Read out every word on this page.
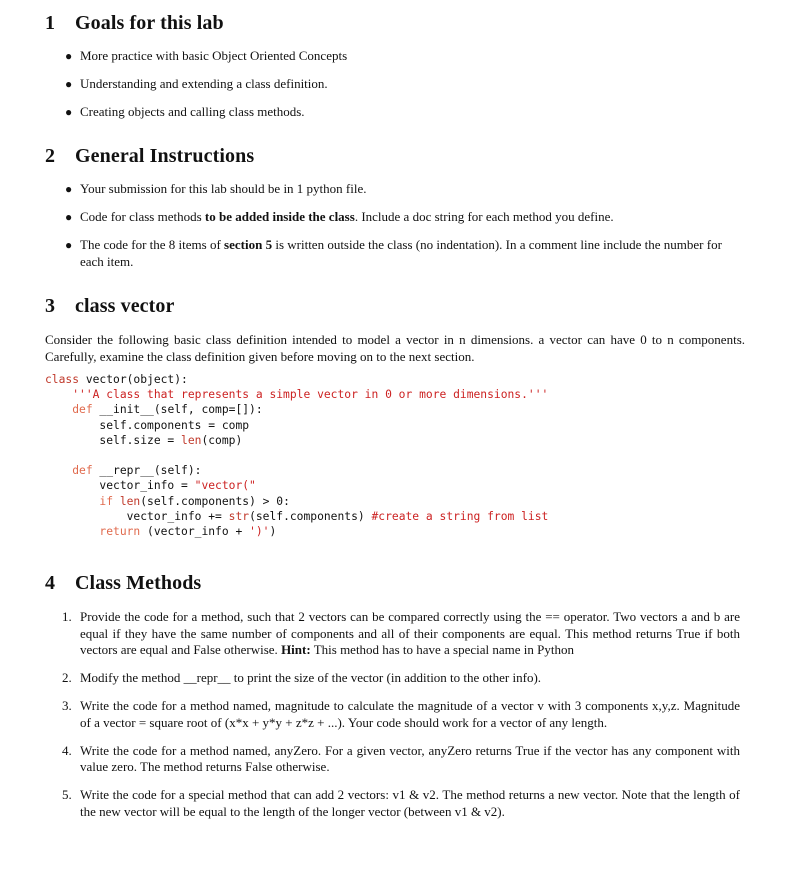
1 Goals for this lab
● More practice with basic Object Oriented Concepts
● Understanding and extending a class definition.
● Creating objects and calling class methods.
2 General Instructions
● Your submission for this lab should be in 1 python file.
● Code for class methods to be added inside the class. Include a doc string for each method you define.
● The code for the 8 items of section 5 is written outside the class (no indentation). In a comment line include the number for each item.
3 class vector

Consider the following basic class definition intended to model a vector in n dimensions. a vector can have 0 to n components. Carefully, examine the class definition given before moving on to the next section.

class vector(object):
'''A class that represents a simple vector in 0 or more dimensions.'''
def __init__(self, comp=[]):
self.components = comp
self.size = len(comp)

def __repr__(self):
vector_info = "vector("
if len(self.components) > 0:
vector_info += str(self.components) #create a string from list
return (vector_info + ')')
4 Class Methods
1. Provide the code for a method, such that 2 vectors can be compared correctly using the == operator. Two vectors a and b are equal if they have the same number of components and all of their components are equal. This method returns True if both vectors are equal and False otherwise. Hint: This method has to have a special name in Python
2. Modify the method __repr__ to print the size of the vector (in addition to the other info).
3. Write the code for a method named, magnitude to calculate the magnitude of a vector v with 3 components x,y,z. Magnitude of a vector = square root of (x*x + y*y + z*z + ...). Your code should work for a vector of any length.
4. Write the code for a method named, anyZero. For a given vector, anyZero returns True if the vector has any component with value zero. The method returns False otherwise.
5. Write the code for a special method that can add 2 vectors: v1 & v2. The method returns a new vector. Note that the length of the new vector will be equal to the length of the longer vector (between v1 & v2).
